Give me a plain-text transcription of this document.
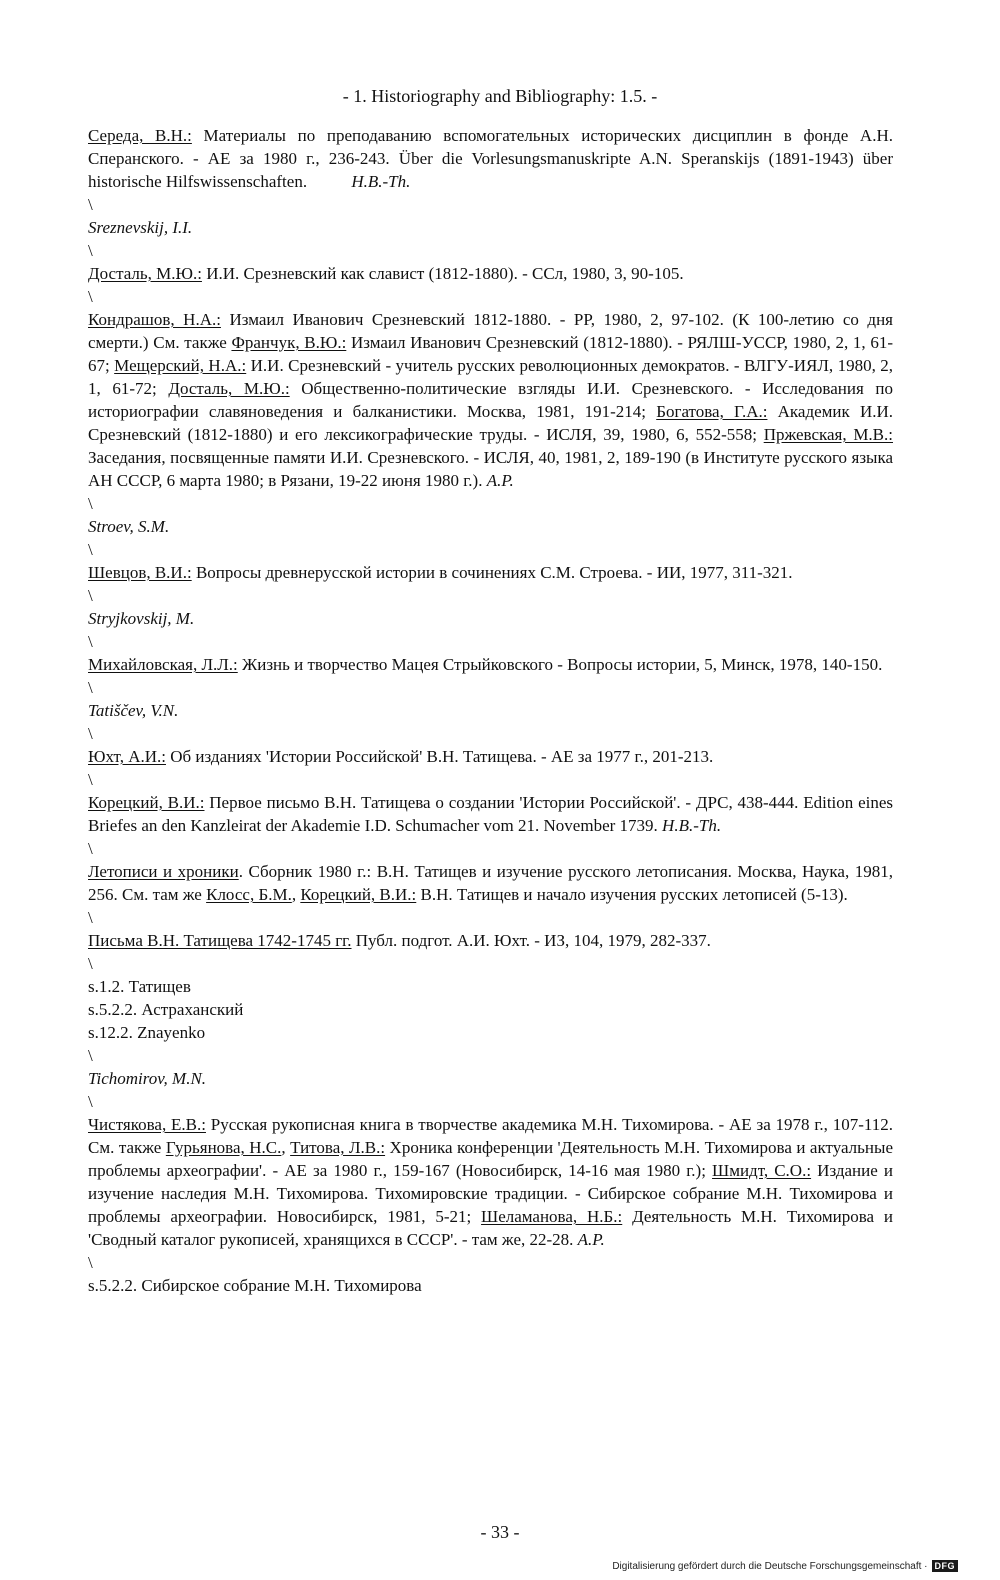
- 1. Historiography and Bibliography: 1.5. -

Середа, В.Н.: Материалы по преподаванию вспомогательных исторических дисциплин в фонде А.Н. Сперанского. - АЕ за 1980 г., 236-243. Über die Vorlesungsmanuskripte A.N. Speranskijs (1891-1943) über historische Hilfswissenschaften. H.B.-Th.

\

Sreznevskij, I.I.

\

Досталь, М.Ю.: И.И. Срезневский как славист (1812-1880). - ССл, 1980, 3, 90-105.

\

Кондрашов, Н.А.: Измаил Иванович Срезневский 1812-1880. - РР, 1980, 2, 97-102. (К 100-летию со дня смерти.) См. также Франчук, В.Ю.: Измаил Иванович Срезневский (1812-1880). - РЯЛШ-УССР, 1980, 2, 1, 61-67; Мещерский, Н.А.: И.И. Срезневский - учитель русских революционных демократов. - ВЛГУ-ИЯЛ, 1980, 2, 1, 61-72; Досталь, М.Ю.: Общественно-политические взгляды И.И. Срезневского. - Исследования по историографии славяноведения и балканистики. Москва, 1981, 191-214; Богатова, Г.А.: Академик И.И. Срезневский (1812-1880) и его лексикографические труды. - ИСЛЯ, 39, 1980, 6, 552-558; Пржевская, М.В.: Заседания, посвященные памяти И.И. Срезневского. - ИСЛЯ, 40, 1981, 2, 189-190 (в Институте русского языка АН СССР, 6 марта 1980; в Рязани, 19-22 июня 1980 г.). A.P.

\

Stroev, S.M.

\

Шевцов, В.И.: Вопросы древнерусской истории в сочинениях С.М. Строева. - ИИ, 1977, 311-321.

\

Stryjkovskij, M.

\

Михайловская, Л.Л.: Жизнь и творчество Мацея Стрыйковского - Вопросы истории, 5, Минск, 1978, 140-150.

\

Tatiščev, V.N.

\

Юхт, А.И.: Об изданиях 'Истории Российской' В.Н. Татищева. - АЕ за 1977 г., 201-213.

\

Корецкий, В.И.: Первое письмо В.Н. Татищева о создании 'Истории Российской'. - ДРС, 438-444. Edition eines Briefes an den Kanzleirat der Akademie I.D. Schumacher vom 21. November 1739. H.B.-Th.

\

Летописи и хроники. Сборник 1980 г.: В.Н. Татищев и изучение русского летописания. Москва, Наука, 1981, 256. См. там же Клосс, Б.М., Корецкий, В.И.: В.Н. Татищев и начало изучения русских летописей (5-13).

\

Письма В.Н. Татищева 1742-1745 гг. Публ. подгот. А.И. Юхт. - ИЗ, 104, 1979, 282-337.

\

s.1.2. Татищев

s.5.2.2. Астраханский

s.12.2. Znayenko

\

Tichomirov, M.N.

\

Чистякова, Е.В.: Русская рукописная книга в творчестве академика М.Н. Тихомирова. - АЕ за 1978 г., 107-112. См. также Гурьянова, Н.С., Титова, Л.В.: Хроника конференции 'Деятельность М.Н. Тихомирова и актуальные проблемы археографии'. - АЕ за 1980 г., 159-167 (Новосибирск, 14-16 мая 1980 г.); Шмидт, С.О.: Издание и изучение наследия М.Н. Тихомирова. Тихомировские традиции. - Сибирское собрание М.Н. Тихомирова и проблемы археографии. Новосибирск, 1981, 5-21; Шеламанова, Н.Б.: Деятельность М.Н. Тихомирова и 'Сводный каталог рукописей, хранящихся в СССР'. - там же, 22-28. A.P.

\

s.5.2.2. Сибирское собрание М.Н. Тихомирова

- 33 -
Digitalisierung gefördert durch die Deutsche Forschungsgemeinschaft · DFG
